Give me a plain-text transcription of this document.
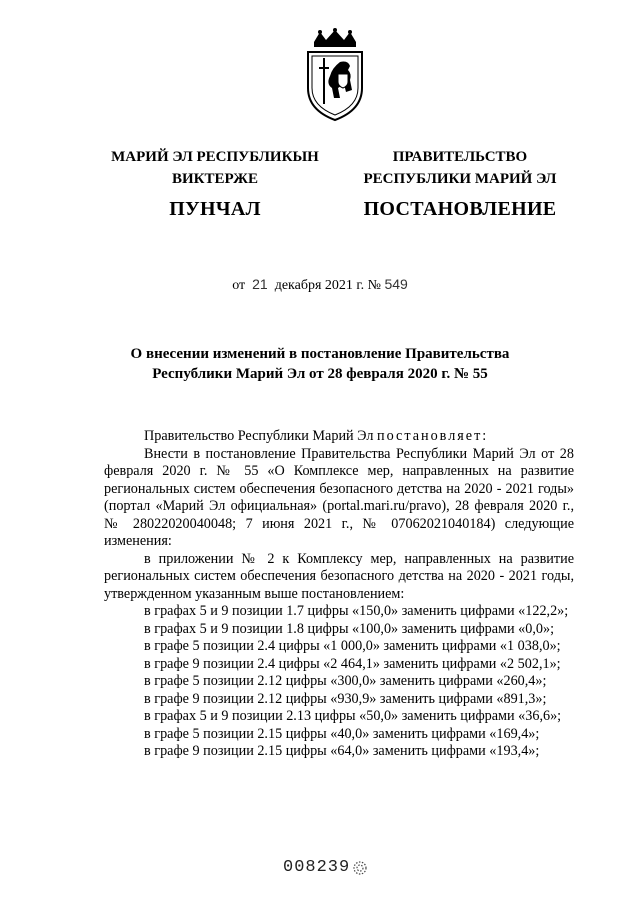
МАРИЙ ЭЛ РЕСПУБЛИКЫН
ВИКТЕРЖЕ
ПУНЧАЛ
ПРАВИТЕЛЬСТВО
РЕСПУБЛИКИ МАРИЙ ЭЛ
ПОСТАНОВЛЕНИЕ
от 21 декабря 2021 г. № 549
О внесении изменений в постановление Правительства
Республики Марий Эл от 28 февраля 2020 г. № 55

Правительство Республики Марий Эл постановляет:

Внести в постановление Правительства Республики Марий Эл от 28 февраля 2020 г. № 55 «О Комплексе мер, направленных на развитие региональных систем обеспечения безопасного детства на 2020 - 2021 годы» (портал «Марий Эл официальная» (portal.mari.ru/pravo), 28 февраля 2020 г., № 28022020040048; 7 июня 2021 г., № 07062021040184) следующие изменения:

в приложении № 2 к Комплексу мер, направленных на развитие региональных систем обеспечения безопасного детства на 2020 - 2021 годы, утвержденном указанным выше постановлением:

в графах 5 и 9 позиции 1.7 цифры «150,0» заменить цифрами «122,2»;

в графах 5 и 9 позиции 1.8 цифры «100,0» заменить цифрами «0,0»;

в графе 5 позиции 2.4 цифры «1 000,0» заменить цифрами «1 038,0»;

в графе 9 позиции 2.4 цифры «2 464,1» заменить цифрами «2 502,1»;

в графе 5 позиции 2.12 цифры «300,0» заменить цифрами «260,4»;

в графе 9 позиции 2.12 цифры «930,9» заменить цифрами «891,3»;

в графах 5 и 9 позиции 2.13 цифры «50,0» заменить цифрами «36,6»;

в графе 5 позиции 2.15 цифры «40,0» заменить цифрами «169,4»;

в графе 9 позиции 2.15 цифры «64,0» заменить цифрами «193,4»;

008239
